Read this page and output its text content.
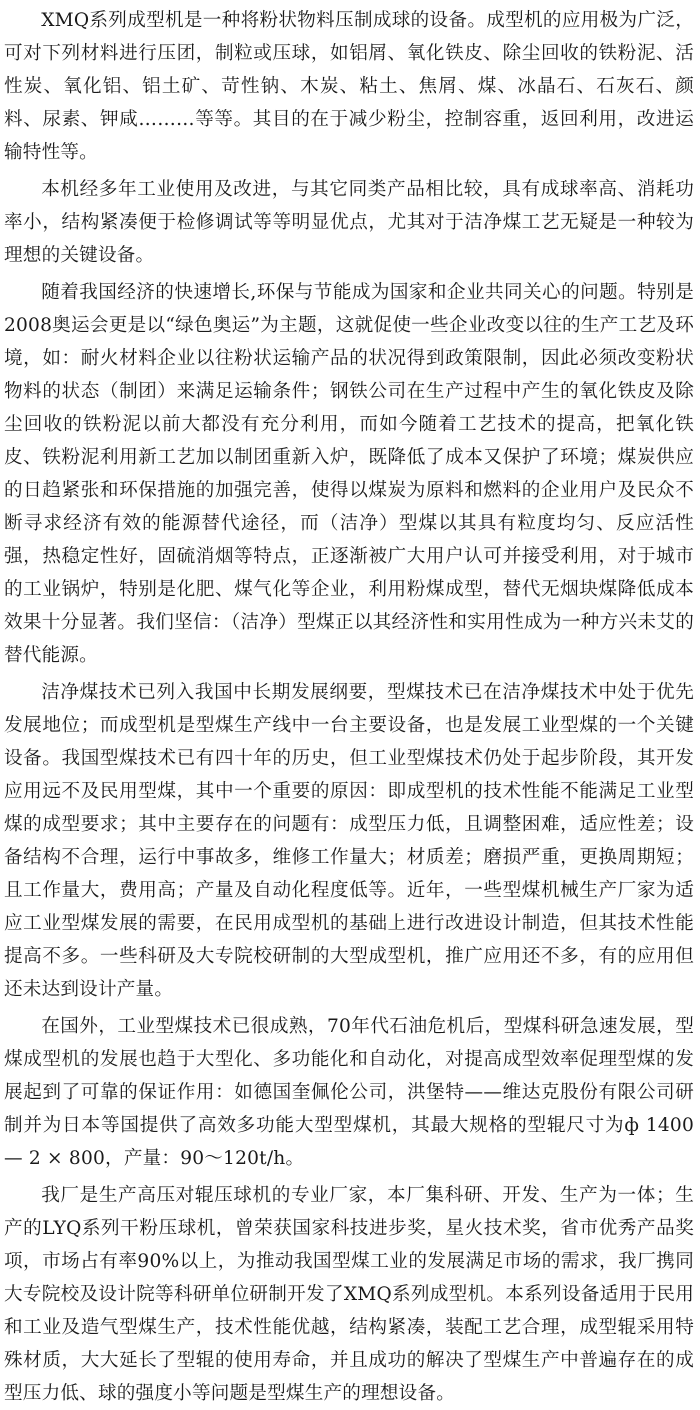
XMQ系列成型机是一种将粉状物料压制成球的设备。成型机的应用极为广泛，可对下列材料进行压团，制粒或压球，如铝屑、氧化铁皮、除尘回收的铁粉泥、活性炭、氧化铝、铝土矿、苛性钠、木炭、粘土、焦屑、煤、冰晶石、石灰石、颜料、尿素、钾咸………等等。其目的在于减少粉尘，控制容重，返回利用，改进运输特性等。

本机经多年工业使用及改进，与其它同类产品相比较，具有成球率高、消耗功率小，结构紧凑便于检修调试等等明显优点，尤其对于洁净煤工艺无疑是一种较为理想的关键设备。

随着我国经济的快速增长,环保与节能成为国家和企业共同关心的问题。特别是2008奥运会更是以“绿色奥运”为主题，这就促使一些企业改变以往的生产工艺及环境，如：耐火材料企业以往粉状运输产品的状况得到政策限制，因此必须改变粉状物料的状态（制团）来满足运输条件；钢铁公司在生产过程中产生的氧化铁皮及除尘回收的铁粉泥以前大都没有充分利用，而如今随着工艺技术的提高，把氧化铁皮、铁粉泥利用新工艺加以制团重新入炉，既降低了成本又保护了环境；煤炭供应的日趋紧张和环保措施的加强完善，使得以煤炭为原料和燃料的企业用户及民众不断寻求经济有效的能源替代途径，而（洁净）型煤以其具有粒度均匀、反应活性强，热稳定性好，固硫消烟等特点，正逐渐被广大用户认可并接受利用，对于城市的工业锅炉，特别是化肥、煤气化等企业，利用粉煤成型，替代无烟块煤降低成本效果十分显著。我们坚信：（洁净）型煤正以其经济性和实用性成为一种方兴未艾的替代能源。

洁净煤技术已列入我国中长期发展纲要，型煤技术已在洁净煤技术中处于优先发展地位；而成型机是型煤生产线中一台主要设备，也是发展工业型煤的一个关键设备。我国型煤技术已有四十年的历史，但工业型煤技术仍处于起步阶段，其开发应用远不及民用型煤，其中一个重要的原因：即成型机的技术性能不能满足工业型煤的成型要求；其中主要存在的问题有：成型压力低，且调整困难，适应性差；设备结构不合理，运行中事故多，维修工作量大；材质差；磨损严重，更换周期短；且工作量大，费用高；产量及自动化程度低等。近年，一些型煤机械生产厂家为适应工业型煤发展的需要，在民用成型机的基础上进行改进设计制造，但其技术性能提高不多。一些科研及大专院校研制的大型成型机，推广应用还不多，有的应用但还未达到设计产量。

在国外，工业型煤技术已很成熟，70年代石油危机后，型煤科研急速发展，型煤成型机的发展也趋于大型化、多功能化和自动化，对提高成型效率促理型煤的发展起到了可靠的保证作用：如德国奎佩伦公司，洪堡特——维达克股份有限公司研制并为日本等国提供了高效多功能大型型煤机，其最大规格的型辊尺寸为ф 1400 — 2 × 800，产量：90～120t/h。

我厂是生产高压对辊压球机的专业厂家，本厂集科研、开发、生产为一体；生产的LYQ系列干粉压球机，曾荣获国家科技进步奖，星火技术奖，省市优秀产品奖项，市场占有率90%以上，为推动我国型煤工业的发展满足市场的需求，我厂携同大专院校及设计院等科研单位研制开发了XMQ系列成型机。本系列设备适用于民用和工业及造气型煤生产，技术性能优越，结构紧凑，装配工艺合理，成型辊采用特殊材质，大大延长了型辊的使用寿命，并且成功的解决了型煤生产中普遍存在的成型压力低、球的强度小等问题是型煤生产的理想设备。
